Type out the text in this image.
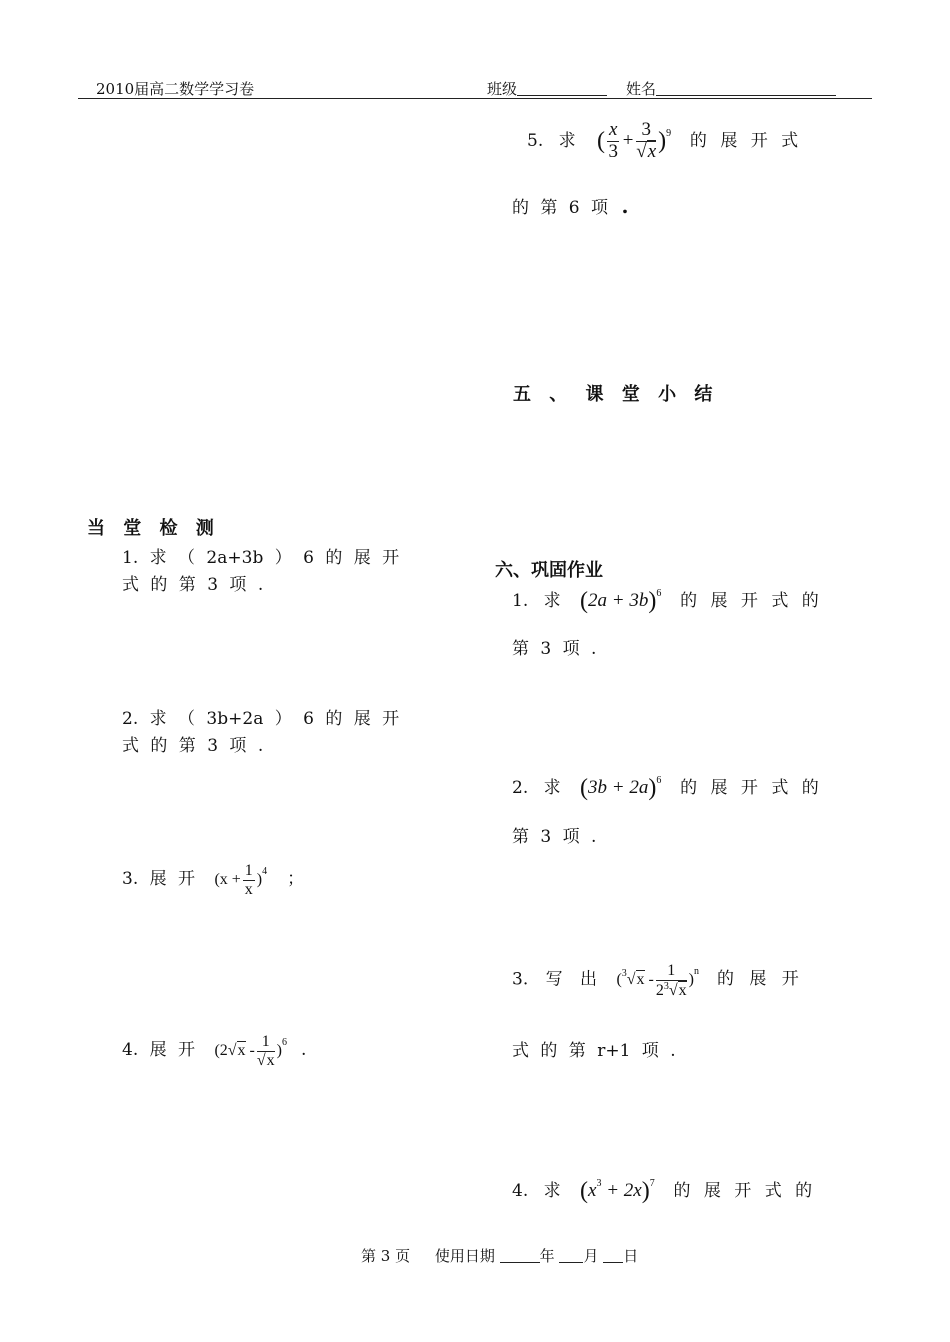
2010届高二数学学习卷	班级	姓名
当 堂 检 测
1. 求 （ 2a+3b ） 6 的 展 开
式 的 第 3 项 .
2. 求 （ 3b+2a ） 6 的 展 开
式 的 第 3 项 .
3. 展 开 $(x + \frac{1}{x} )^4$ ；
4. 展 开 $(2√x - \frac{1}{√x} )^6$ .
5. 求 ( $\frac{x}{3} + \frac{3}{√x} )^9$ 的 展 开 式
的 第 6 项 .
五 、 课 堂 小 结
六、巩固作业
1. 求 $(2a + 3b)^6$ 的 展 开 式 的
第 3 项 .
2. 求 $(3b + 2a)^6$ 的 展 开 式 的
第 3 项 .
3. 写 出 $(^3√x - \frac{1}{2^3√x} )^n$ 的 展 开
式 的 第 r+1 项 .
4. 求 $(x^3 + 2x)^7$ 的 展 开 式 的
第 3 页 使用日期	年 月 日
